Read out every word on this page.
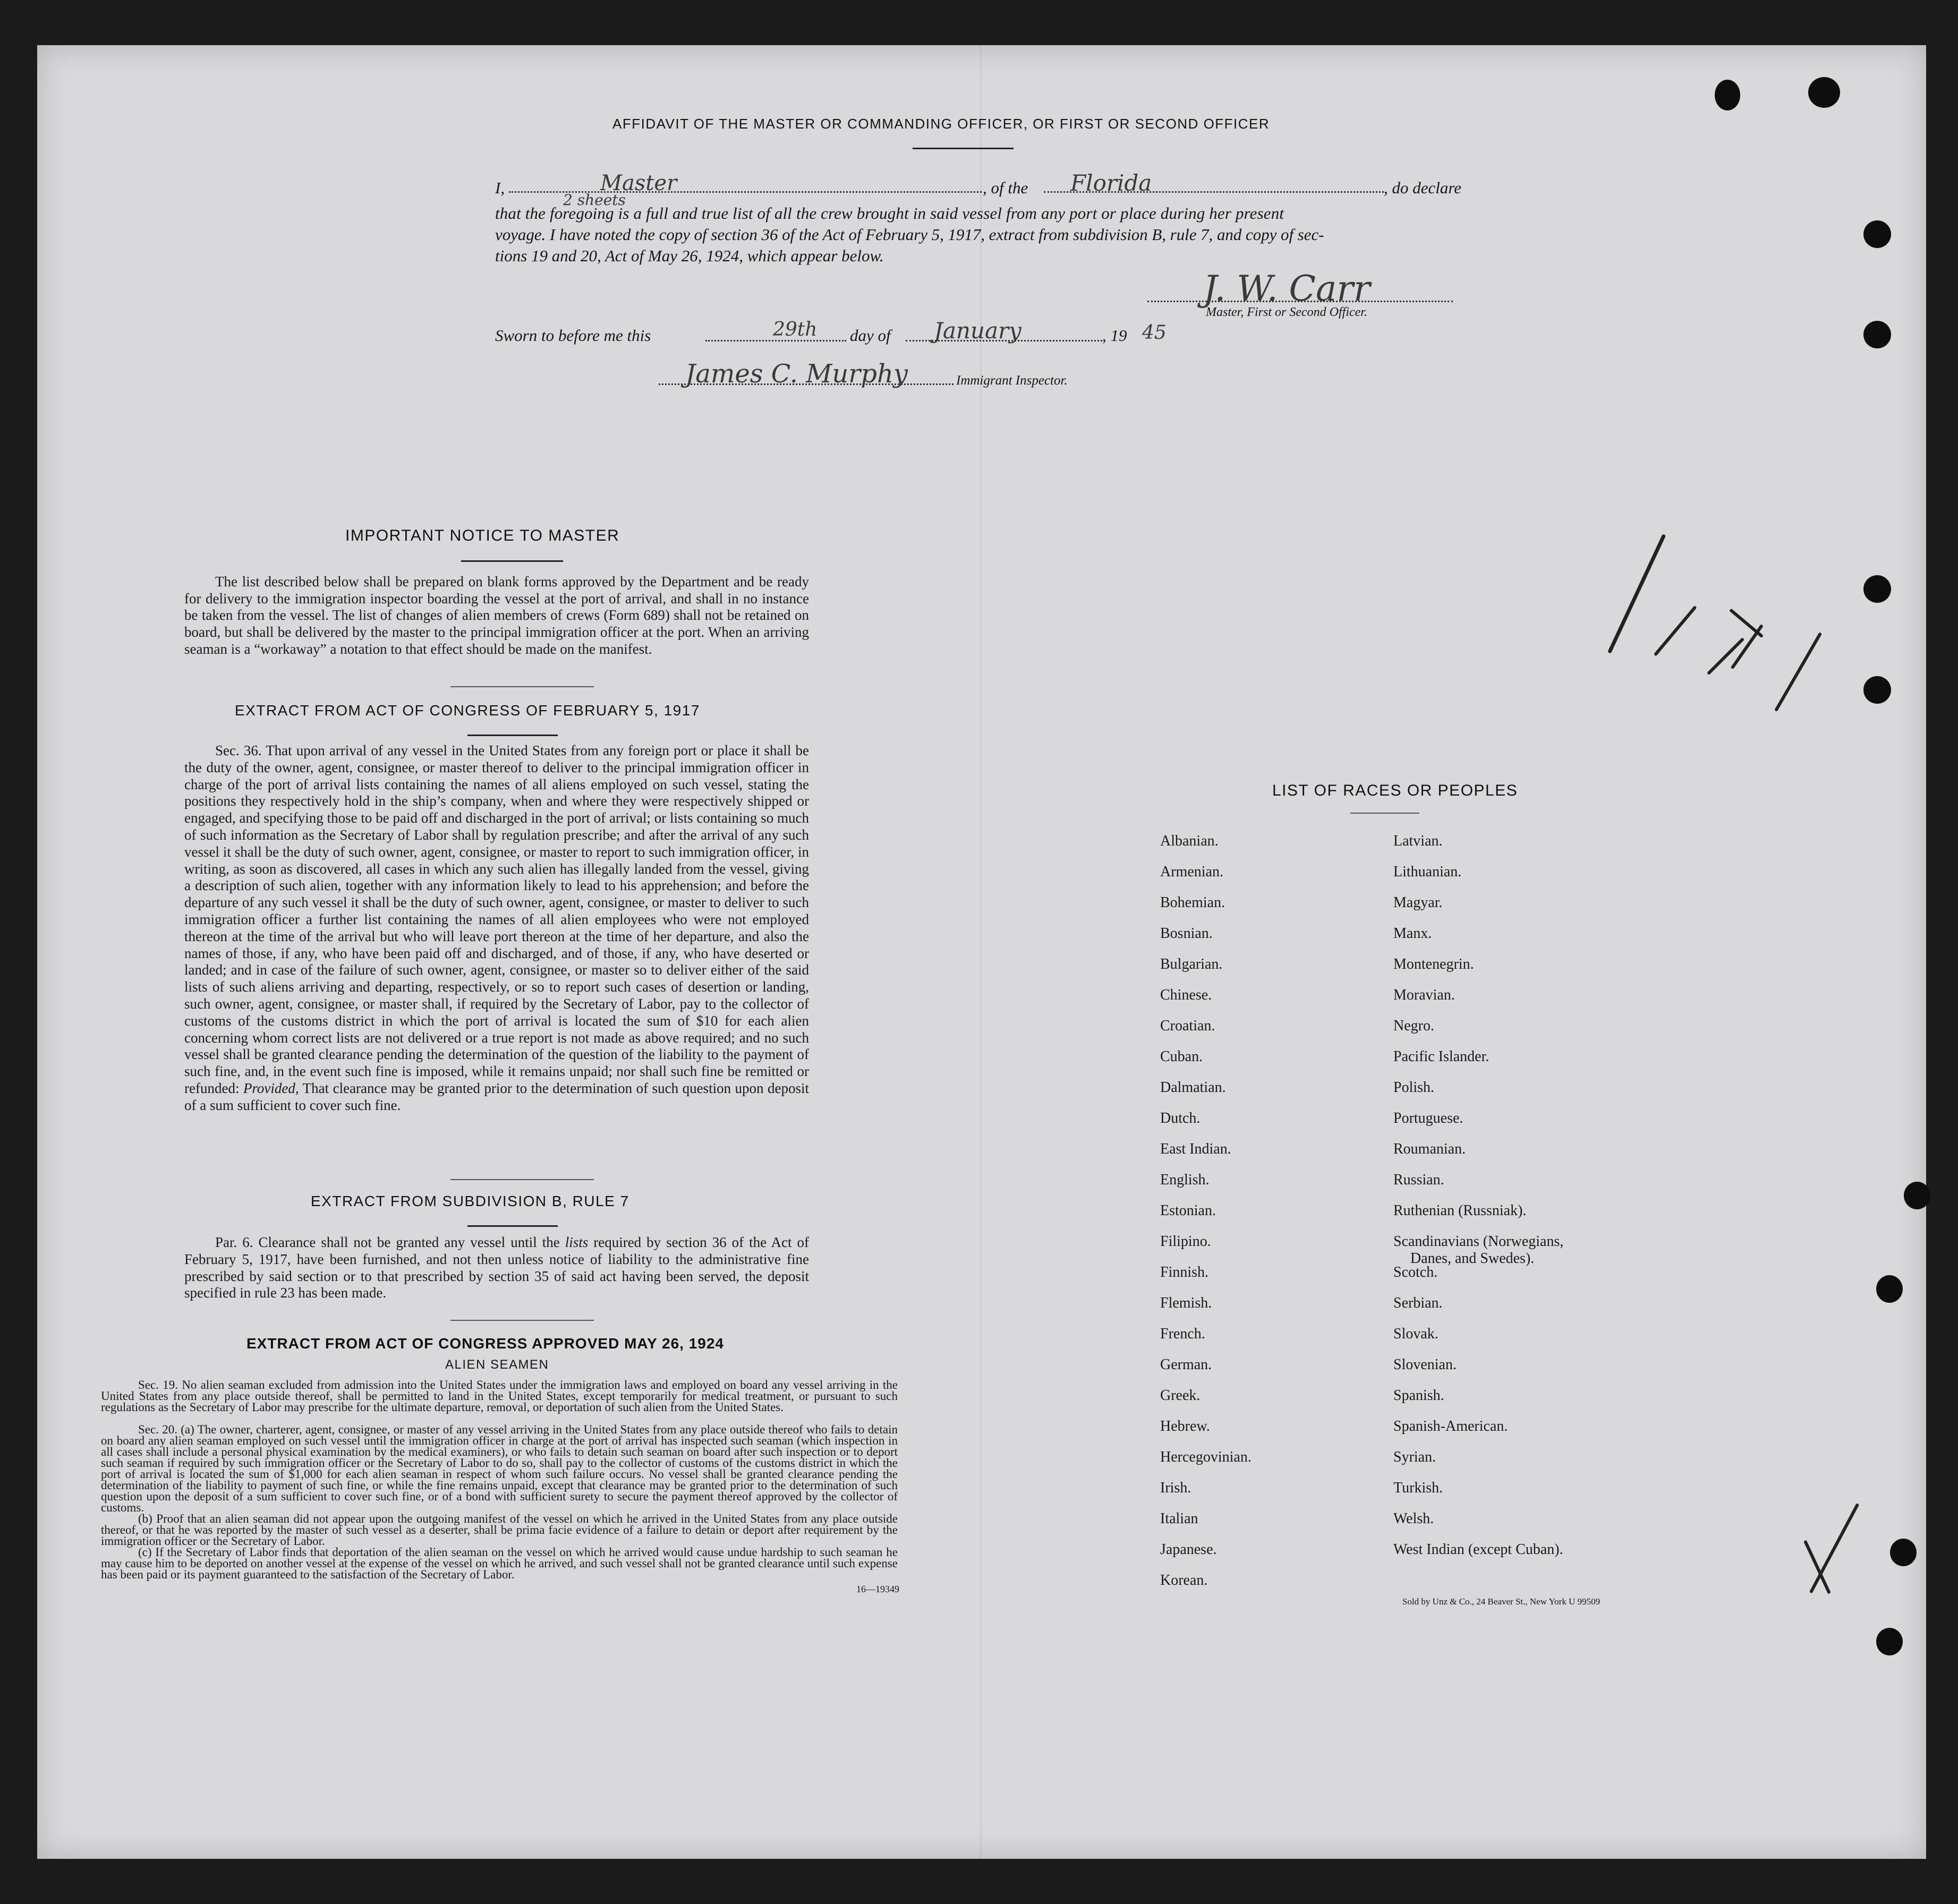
AFFIDAVIT OF THE MASTER OR COMMANDING OFFICER, OR FIRST OR SECOND OFFICER
I,	Master	, of the Florida	, do declare
2 sheets
that the foregoing is a full and true list of all the crew brought in said vessel from any port or place during her present
voyage. I have noted the copy of section 36 of the Act of February 5, 1917, extract from subdivision B, rule 7, and copy of sec-
tions 19 and 20, Act of May 26, 1924, which appear below.
J. W. Carr
Master, First or Second Officer.
Sworn to before me this	29th day of January	, 19 45
James C. Murphy	Immigrant Inspector.
IMPORTANT NOTICE TO MASTER
The list described below shall be prepared on blank forms approved by the Department and be ready for delivery to the immigration inspector boarding the vessel at the port of arrival, and shall in no instance be taken from the vessel. The list of changes of alien members of crews (Form 689) shall not be retained on board, but shall be delivered by the master to the principal immigration officer at the port. When an arriving seaman is a “workaway” a notation to that effect should be made on the manifest.
EXTRACT FROM ACT OF CONGRESS OF FEBRUARY 5, 1917
Sec. 36. That upon arrival of any vessel in the United States from any foreign port or place it shall be the duty of the owner, agent, consignee, or master thereof to deliver to the principal immigration officer in charge of the port of arrival lists containing the names of all aliens employed on such vessel, stating the positions they respectively hold in the ship’s company, when and where they were respectively shipped or engaged, and specifying those to be paid off and discharged in the port of arrival; or lists containing so much of such information as the Secretary of Labor shall by regulation prescribe; and after the arrival of any such vessel it shall be the duty of such owner, agent, consignee, or master to report to such immigration officer, in writing, as soon as discovered, all cases in which any such alien has illegally landed from the vessel, giving a description of such alien, together with any information likely to lead to his apprehension; and before the departure of any such vessel it shall be the duty of such owner, agent, consignee, or master to deliver to such immigration officer a further list containing the names of all alien employees who were not employed thereon at the time of the arrival but who will leave port thereon at the time of her departure, and also the names of those, if any, who have been paid off and discharged, and of those, if any, who have deserted or landed; and in case of the failure of such owner, agent, consignee, or master so to deliver either of the said lists of such aliens arriving and departing, respectively, or so to report such cases of desertion or landing, such owner, agent, consignee, or master shall, if required by the Secretary of Labor, pay to the collector of customs of the customs district in which the port of arrival is located the sum of $10 for each alien concerning whom correct lists are not delivered or a true report is not made as above required; and no such vessel shall be granted clearance pending the determination of the question of the liability to the payment of such fine, and, in the event such fine is imposed, while it remains unpaid; nor shall such fine be remitted or refunded: Provided, That clearance may be granted prior to the determination of such question upon deposit of a sum sufficient to cover such fine.
EXTRACT FROM SUBDIVISION B, RULE 7
Par. 6. Clearance shall not be granted any vessel until the lists required by section 36 of the Act of February 5, 1917, have been furnished, and not then unless notice of liability to the administrative fine prescribed by said section or to that prescribed by section 35 of said act having been served, the deposit specified in rule 23 has been made.
EXTRACT FROM ACT OF CONGRESS APPROVED MAY 26, 1924
ALIEN SEAMEN
Sec. 19. No alien seaman excluded from admission into the United States under the immigration laws and employed on board any vessel arriving in the United States from any place outside thereof, shall be permitted to land in the United States, except temporarily for medical treatment, or pursuant to such regulations as the Secretary of Labor may prescribe for the ultimate departure, removal, or deportation of such alien from the United States.
Sec. 20. (a) The owner, charterer, agent, consignee, or master of any vessel arriving in the United States from any place outside thereof who fails to detain on board any alien seaman employed on such vessel until the immigration officer in charge at the port of arrival has inspected such seaman (which inspection in all cases shall include a personal physical examination by the medical examiners), or who fails to detain such seaman on board after such inspection or to deport such seaman if required by such immigration officer or the Secretary of Labor to do so, shall pay to the collector of customs of the customs district in which the port of arrival is located the sum of $1,000 for each alien seaman in respect of whom such failure occurs. No vessel shall be granted clearance pending the determination of the liability to payment of such fine, or while the fine remains unpaid, except that clearance may be granted prior to the determination of such question upon the deposit of a sum sufficient to cover such fine, or of a bond with sufficient surety to secure the payment thereof approved by the collector of customs.
(b) Proof that an alien seaman did not appear upon the outgoing manifest of the vessel on which he arrived in the United States from any place outside thereof, or that he was reported by the master of such vessel as a deserter, shall be prima facie evidence of a failure to detain or deport after requirement by the immigration officer or the Secretary of Labor.
(c) If the Secretary of Labor finds that deportation of the alien seaman on the vessel on which he arrived would cause undue hardship to such seaman he may cause him to be deported on another vessel at the expense of the vessel on which he arrived, and such vessel shall not be granted clearance until such expense has been paid or its payment guaranteed to the satisfaction of the Secretary of Labor.
16—19349
LIST OF RACES OR PEOPLES
Albanian.
Armenian.
Bohemian.
Bosnian.
Bulgarian.
Chinese.
Croatian.
Cuban.
Dalmatian.
Dutch.
East Indian.
English.
Estonian.
Filipino.
Finnish.
Flemish.
French.
German.
Greek.
Hebrew.
Hercegovinian.
Irish.
Italian
Japanese.
Korean.
Latvian.
Lithuanian.
Magyar.
Manx.
Montenegrin.
Moravian.
Negro.
Pacific Islander.
Polish.
Portuguese.
Roumanian.
Russian.
Ruthenian (Russniak).
Scandinavians (Norwegians,
Danes, and Swedes).
Scotch.
Serbian.
Slovak.
Slovenian.
Spanish.
Spanish-American.
Syrian.
Turkish.
Welsh.
West Indian (except Cuban).
Sold by Unz & Co., 24 Beaver St., New York U 99509
